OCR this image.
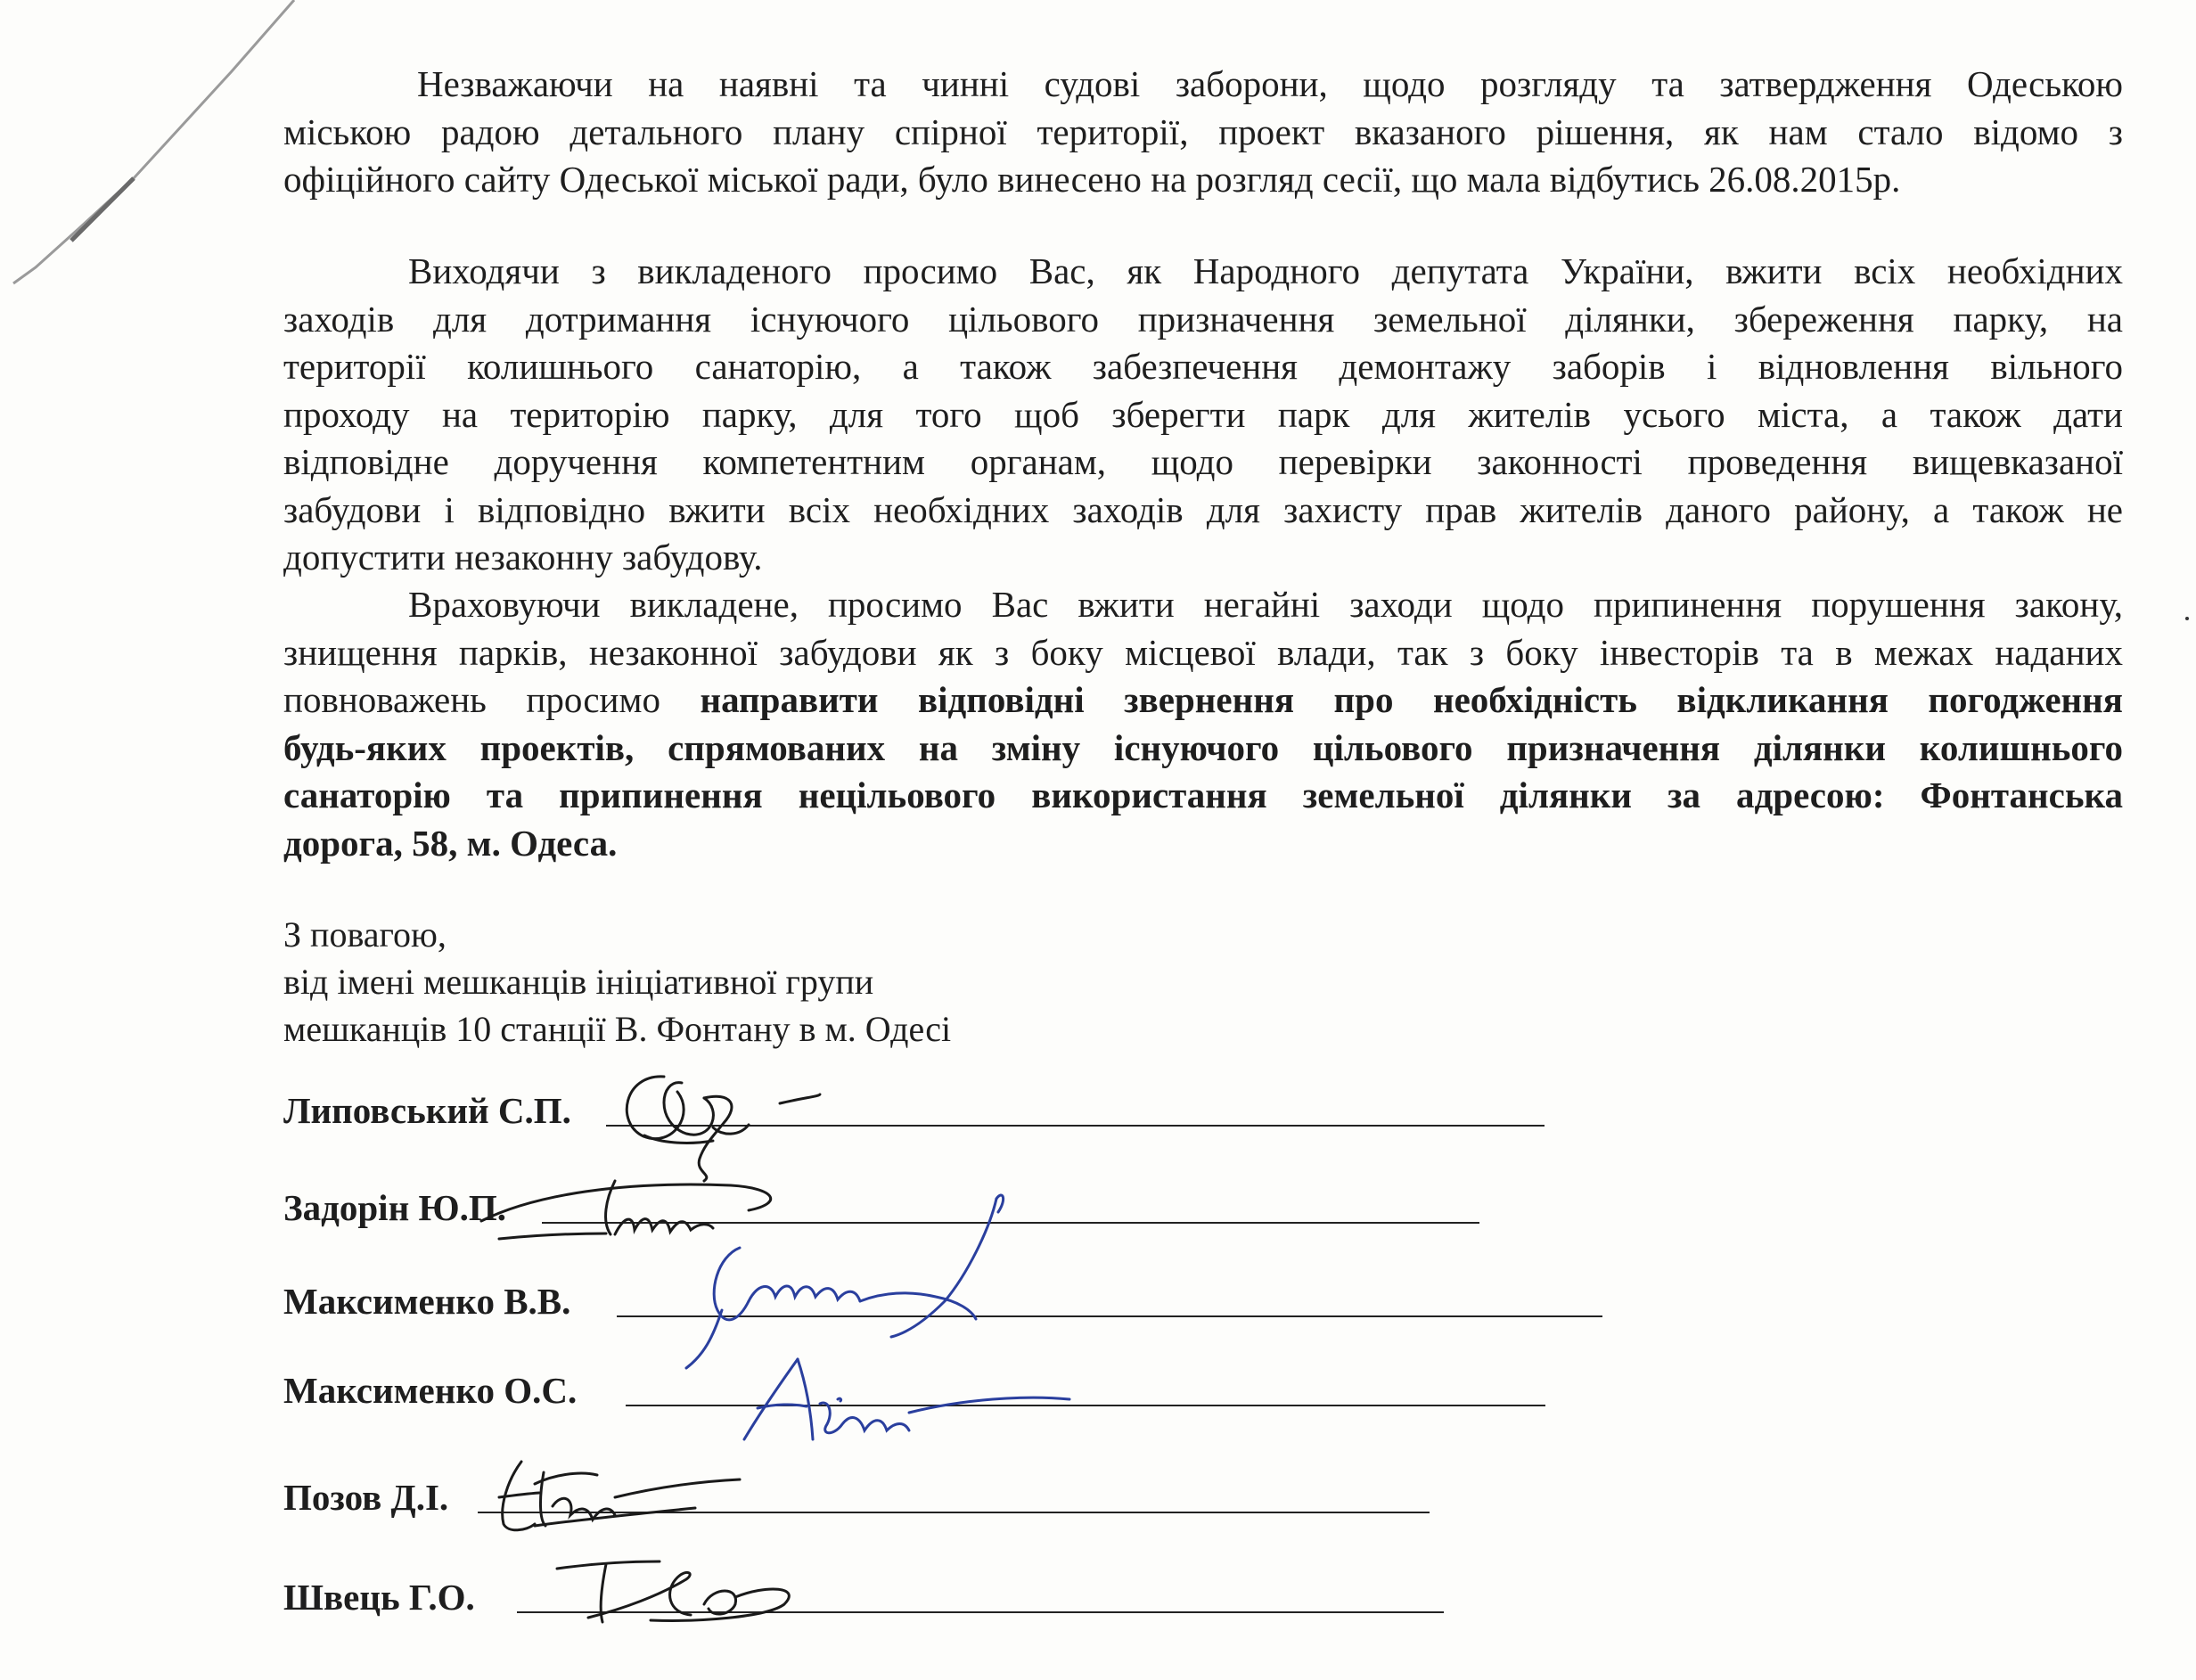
Незважаючи на наявні та чинні судові заборони, щодо розгляду та затвердження Одеською
міською радою детального плану спірної території, проект вказаного рішення, як нам стало відомо з
офіційного сайту Одеської міської ради, було винесено на розгляд сесії, що мала відбутись 26.08.2015р.
Виходячи з викладеного просимо Вас, як Народного депутата України, вжити всіх необхідних
заходів для дотримання існуючого цільового призначення земельної ділянки, збереження парку, на
території колишнього санаторію, а також забезпечення демонтажу заборів і відновлення вільного
проходу на територію парку, для того щоб зберегти парк для жителів усього міста, а також дати
відповідне доручення компетентним органам, щодо перевірки законності проведення вищевказаної
забудови і відповідно вжити всіх необхідних заходів для захисту прав жителів даного району, а також не
допустити незаконну забудову.
Враховуючи викладене, просимо Вас вжити негайні заходи щодо припинення порушення закону,
знищення парків, незаконної забудови як з боку місцевої влади, так з боку інвесторів та в межах наданих
повноважень просимо направити відповідні звернення про необхідність відкликання погодження
будь-яких проектів, спрямованих на зміну існуючого цільового призначення ділянки колишнього
санаторію та припинення нецільового використання земельної ділянки за адресою: Фонтанська
дорога, 58, м. Одеса.
З повагою,
від імені мешканців ініціативної групи
мешканців 10 станції В. Фонтану в м. Одесі
Липовський С.П.
Задорін Ю.П.
Максименко В.В.
Максименко О.С.
Позов Д.І.
Швець Г.О.
